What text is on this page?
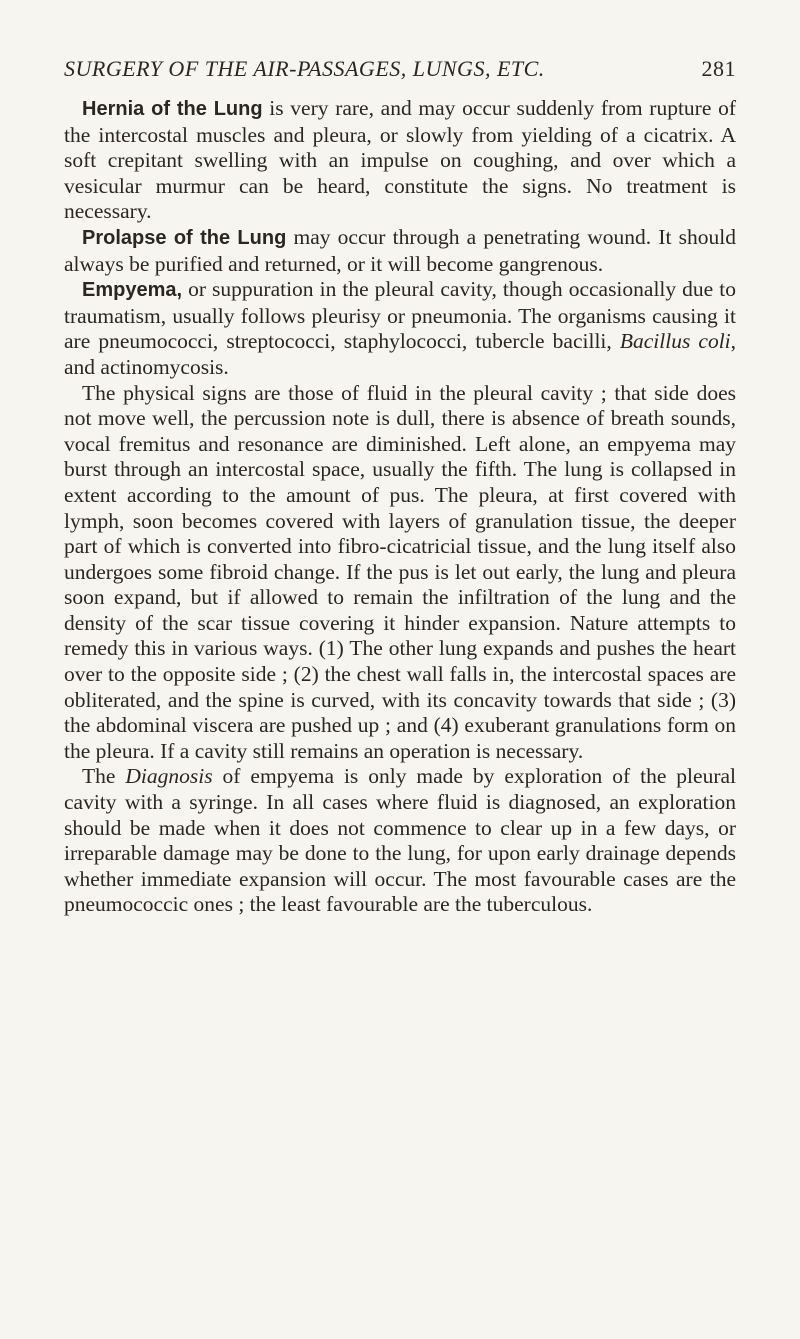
SURGERY OF THE AIR-PASSAGES, LUNGS, ETC.	281

Hernia of the Lung is very rare, and may occur suddenly from rupture of the intercostal muscles and pleura, or slowly from yielding of a cicatrix. A soft crepitant swelling with an impulse on coughing, and over which a vesicular murmur can be heard, constitute the signs. No treatment is necessary.

Prolapse of the Lung may occur through a penetrating wound. It should always be purified and returned, or it will become gangrenous.

Empyema, or suppuration in the pleural cavity, though occasionally due to traumatism, usually follows pleurisy or pneumonia. The organisms causing it are pneumococci, streptococci, staphylococci, tubercle bacilli, Bacillus coli, and actinomycosis.

The physical signs are those of fluid in the pleural cavity ; that side does not move well, the percussion note is dull, there is absence of breath sounds, vocal fremitus and resonance are diminished. Left alone, an empyema may burst through an intercostal space, usually the fifth. The lung is collapsed in extent according to the amount of pus. The pleura, at first covered with lymph, soon becomes covered with layers of granulation tissue, the deeper part of which is converted into fibro-cicatricial tissue, and the lung itself also undergoes some fibroid change. If the pus is let out early, the lung and pleura soon expand, but if allowed to remain the infiltration of the lung and the density of the scar tissue covering it hinder expansion. Nature attempts to remedy this in various ways. (1) The other lung expands and pushes the heart over to the opposite side ; (2) the chest wall falls in, the intercostal spaces are obliterated, and the spine is curved, with its concavity towards that side ; (3) the abdominal viscera are pushed up ; and (4) exuberant granulations form on the pleura. If a cavity still remains an operation is necessary.

The Diagnosis of empyema is only made by exploration of the pleural cavity with a syringe. In all cases where fluid is diagnosed, an exploration should be made when it does not commence to clear up in a few days, or irreparable damage may be done to the lung, for upon early drainage depends whether immediate expansion will occur. The most favourable cases are the pneumococcic ones ; the least favourable are the tuberculous.
